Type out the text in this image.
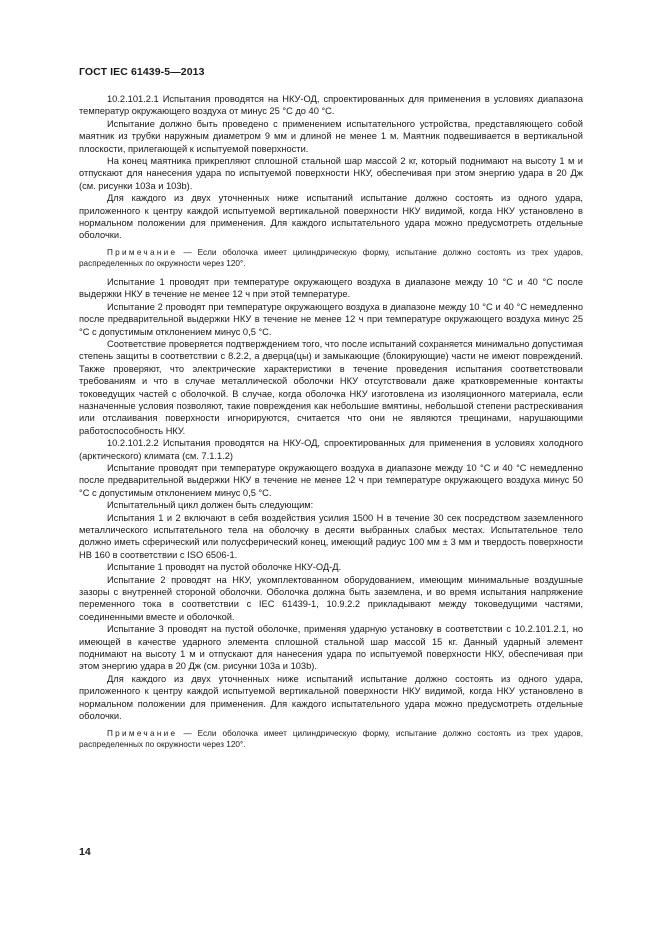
ГОСТ IEC 61439-5—2013

10.2.101.2.1 Испытания проводятся на НКУ-ОД, спроектированных для применения в условиях диапазона температур окружающего воздуха от минус 25 °С до 40 °С.

Испытание должно быть проведено с применением испытательного устройства, представляющего собой маятник из трубки наружным диаметром 9 мм и длиной не менее 1 м. Маятник подвешивается в вертикальной плоскости, прилегающей к испытуемой поверхности.

На конец маятника прикрепляют сплошной стальной шар массой 2 кг, который поднимают на высоту 1 м и отпускают для нанесения удара по испытуемой поверхности НКУ, обеспечивая при этом энергию удара в 20 Дж (см. рисунки 103а и 103b).

Для каждого из двух уточненных ниже испытаний испытание должно состоять из одного удара, приложенного к центру каждой испытуемой вертикальной поверхности НКУ видимой, когда НКУ установлено в нормальном положении для применения. Для каждого испытательного удара можно предусмотреть отдельные оболочки.

Примечание — Если оболочка имеет цилиндрическую форму, испытание должно состоять из трех ударов, распределенных по окружности через 120°.

Испытание 1 проводят при температуре окружающего воздуха в диапазоне между 10 °С и 40 °С после выдержки НКУ в течение не менее 12 ч при этой температуре.

Испытание 2 проводят при температуре окружающего воздуха в диапазоне между 10 °С и 40 °С немедленно после предварительной выдержки НКУ в течение не менее 12 ч при температуре окружающего воздуха минус 25 °С с допустимым отклонением минус 0,5 °С.

Соответствие проверяется подтверждением того, что после испытаний сохраняется минимально допустимая степень защиты в соответствии с 8.2.2, а дверца(цы) и замыкающие (блокирующие) части не имеют повреждений. Также проверяют, что электрические характеристики в течение проведения испытания соответствовали требованиям и что в случае металлической оболочки НКУ отсутствовали даже кратковременные контакты токоведущих частей с оболочкой. В случае, когда оболочка НКУ изготовлена из изоляционного материала, если назначенные условия позволяют, такие повреждения как небольшие вмятины, небольшой степени растрескивания или отслаивания поверхности игнорируются, считается что они не являются трещинами, нарушающими работоспособность НКУ.

10.2.101.2.2 Испытания проводятся на НКУ-ОД, спроектированных для применения в условиях холодного (арктического) климата (см. 7.1.1.2)

Испытание проводят при температуре окружающего воздуха в диапазоне между 10 °С и 40 °С немедленно после предварительной выдержки НКУ в течение не менее 12 ч при температуре окружающего воздуха минус 50 °С с допустимым отклонением минус 0,5 °С.

Испытательный цикл должен быть следующим:

Испытания 1 и 2 включают в себя воздействия усилия 1500 Н в течение 30 сек посредством заземленного металлического испытательного тела на оболочку в десяти выбранных слабых местах. Испытательное тело должно иметь сферический или полусферический конец, имеющий радиус 100 мм ± 3 мм и твердость поверхности НВ 160 в соответствии с ISO 6506-1.

Испытание 1 проводят на пустой оболочке НКУ-ОД-Д.

Испытание 2 проводят на НКУ, укомплектованном оборудованием, имеющим минимальные воздушные зазоры с внутренней стороной оболочки. Оболочка должна быть заземлена, и во время испытания напряжение переменного тока в соответствии с IEC 61439-1, 10.9.2.2 прикладывают между токоведущими частями, соединенными вместе и оболочкой.

Испытание 3 проводят на пустой оболочке, применяя ударную установку в соответствии с 10.2.101.2.1, но имеющей в качестве ударного элемента сплошной стальной шар массой 15 кг. Данный ударный элемент поднимают на высоту 1 м и отпускают для нанесения удара по испытуемой поверхности НКУ, обеспечивая при этом энергию удара в 20 Дж (см. рисунки 103а и 103b).

Для каждого из двух уточненных ниже испытаний испытание должно состоять из одного удара, приложенного к центру каждой испытуемой вертикальной поверхности НКУ видимой, когда НКУ установлено в нормальном положении для применения. Для каждого испытательного удара можно предусмотреть отдельные оболочки.

Примечание — Если оболочка имеет цилиндрическую форму, испытание должно состоять из трех ударов, распределенных по окружности через 120°.

14
